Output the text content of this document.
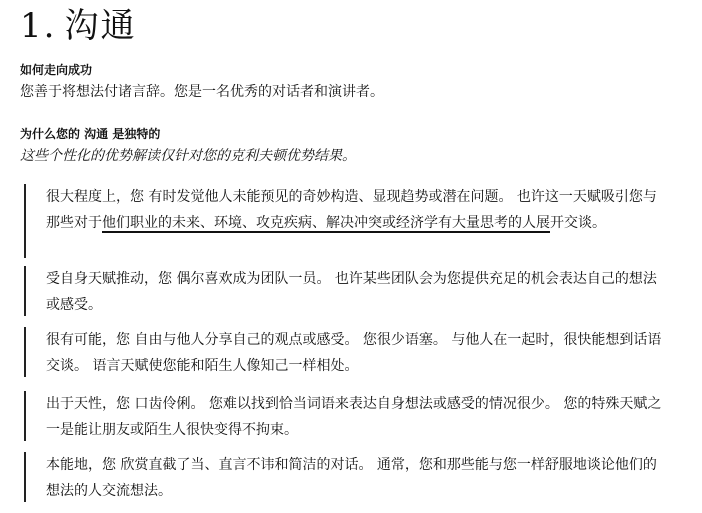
1. 沟通
如何走向成功
您善于将想法付诸言辞。您是一名优秀的对话者和演讲者。
为什么您的 沟通 是独特的
这些个性化的优势解读仅针对您的克利夫顿优势结果。

很大程度上，您 有时发觉他人未能预见的奇妙构造、显现趋势或潜在问题。 也许这一天赋吸引您与那些对于他们职业的未来、环境、攻克疾病、解决冲突或经济学有大量思考的人展开交谈。

受自身天赋推动，您 偶尔喜欢成为团队一员。 也许某些团队会为您提供充足的机会表达自己的想法或感受。

很有可能，您 自由与他人分享自己的观点或感受。 您很少语塞。 与他人在一起时，很快能想到话语交谈。 语言天赋使您能和陌生人像知己一样相处。

出于天性，您 口齿伶俐。 您难以找到恰当词语来表达自身想法或感受的情况很少。 您的特殊天赋之一是能让朋友或陌生人很快变得不拘束。

本能地，您 欣赏直截了当、直言不讳和简洁的对话。 通常，您和那些能与您一样舒服地谈论他们的想法的人交流想法。
